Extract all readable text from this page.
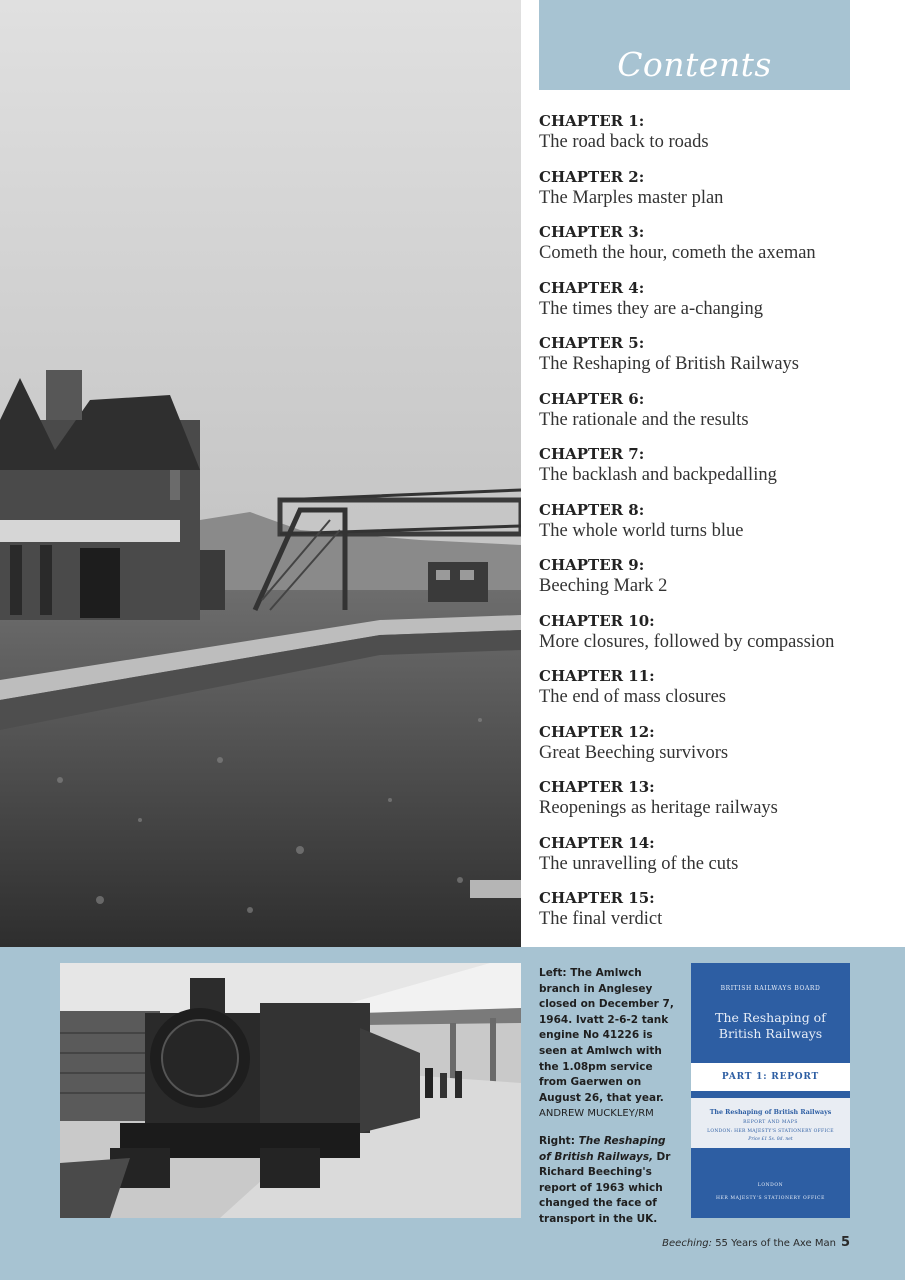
Contents
CHAPTER 1:
The road back to roads
CHAPTER 2:
The Marples master plan
CHAPTER 3:
Cometh the hour, cometh the axeman
CHAPTER 4:
The times they are a-changing
CHAPTER 5:
The Reshaping of British Railways
CHAPTER 6:
The rationale and the results
CHAPTER 7:
The backlash and backpedalling
CHAPTER 8:
The whole world turns blue
CHAPTER 9:
Beeching Mark 2
CHAPTER 10:
More closures, followed by compassion
CHAPTER 11:
The end of mass closures
CHAPTER 12:
Great Beeching survivors
CHAPTER 13:
Reopenings as heritage railways
CHAPTER 14:
The unravelling of the cuts
CHAPTER 15:
The final verdict
Left: The Amlwch branch in Anglesey closed on December 7, 1964. Ivatt 2-6-2 tank engine No 41226 is seen at Amlwch with the 1.08pm service from Gaerwen on August 26, that year.
ANDREW MUCKLEY/RM
Right: The Reshaping of British Railways, Dr Richard Beeching's report of 1963 which changed the face of transport in the UK.
BRITISH RAILWAYS BOARD
The Reshaping of British Railways
PART 1: REPORT
The Reshaping of British Railways
REPORT AND MAPS
LONDON: HER MAJESTY'S STATIONERY OFFICE
Price £1 5s. 0d. net
LONDON
HER MAJESTY'S STATIONERY OFFICE
Beeching: 55 Years of the Axe Man 5
